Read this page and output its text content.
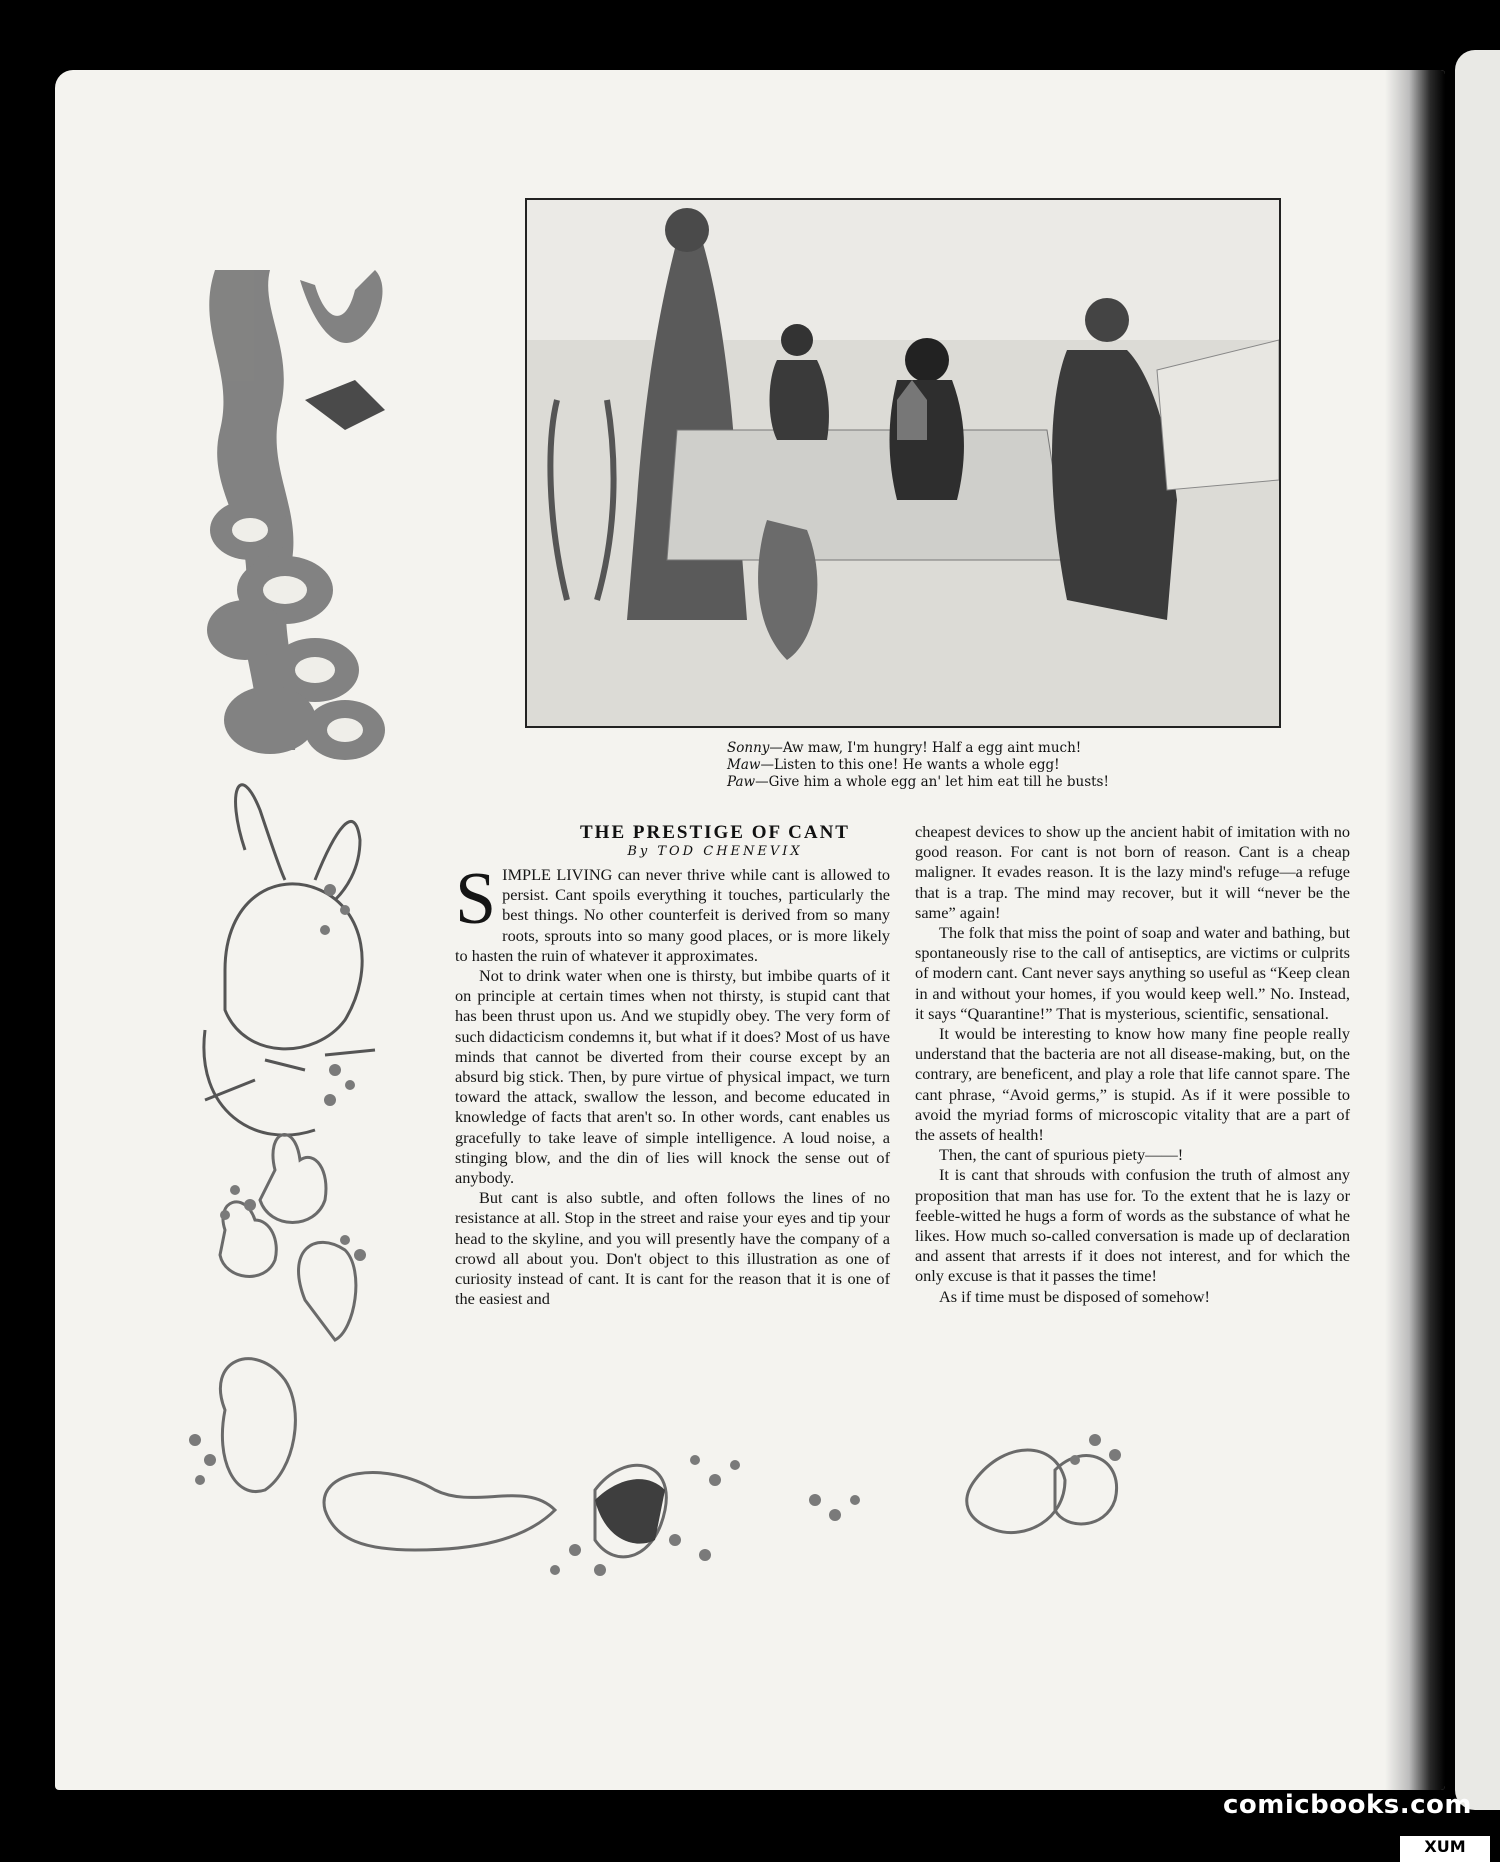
Sonny—Aw maw, I'm hungry! Half a egg aint much!
Maw—Listen to this one! He wants a whole egg!
Paw—Give him a whole egg an' let him eat till he busts!
THE PRESTIGE OF CANT
By TOD CHENEVIX

SIMPLE LIVING can never thrive while cant is allowed to persist. Cant spoils everything it touches, particularly the best things. No other counterfeit is derived from so many roots, sprouts into so many good places, or is more likely to hasten the ruin of whatever it approximates.

Not to drink water when one is thirsty, but imbibe quarts of it on principle at certain times when not thirsty, is stupid cant that has been thrust upon us. And we stupidly obey. The very form of such didacticism condemns it, but what if it does? Most of us have minds that cannot be diverted from their course except by an absurd big stick. Then, by pure virtue of physical impact, we turn toward the attack, swallow the lesson, and become educated in knowledge of facts that aren't so. In other words, cant enables us gracefully to take leave of simple intelligence. A loud noise, a stinging blow, and the din of lies will knock the sense out of anybody.

But cant is also subtle, and often follows the lines of no resistance at all. Stop in the street and raise your eyes and tip your head to the skyline, and you will presently have the company of a crowd all about you. Don't object to this illustration as one of curiosity instead of cant. It is cant for the reason that it is one of the easiest and

cheapest devices to show up the ancient habit of imitation with no good reason. For cant is not born of reason. Cant is a cheap maligner. It evades reason. It is the lazy mind's refuge—a refuge that is a trap. The mind may recover, but it will “never be the same” again!

The folk that miss the point of soap and water and bathing, but spontaneously rise to the call of antiseptics, are victims or culprits of modern cant. Cant never says anything so useful as “Keep clean in and without your homes, if you would keep well.” No. Instead, it says “Quarantine!” That is mysterious, scientific, sensational.

It would be interesting to know how many fine people really understand that the bacteria are not all disease-making, but, on the contrary, are beneficent, and play a role that life cannot spare. The cant phrase, “Avoid germs,” is stupid. As if it were possible to avoid the myriad forms of microscopic vitality that are a part of the assets of health!

Then, the cant of spurious piety——!

It is cant that shrouds with confusion the truth of almost any proposition that man has use for. To the extent that he is lazy or feeble-witted he hugs a form of words as the substance of what he likes. How much so-called conversation is made up of declaration and assent that arrests if it does not interest, and for which the only excuse is that it passes the time!

As if time must be disposed of somehow!

comicbooks.com
XUM
